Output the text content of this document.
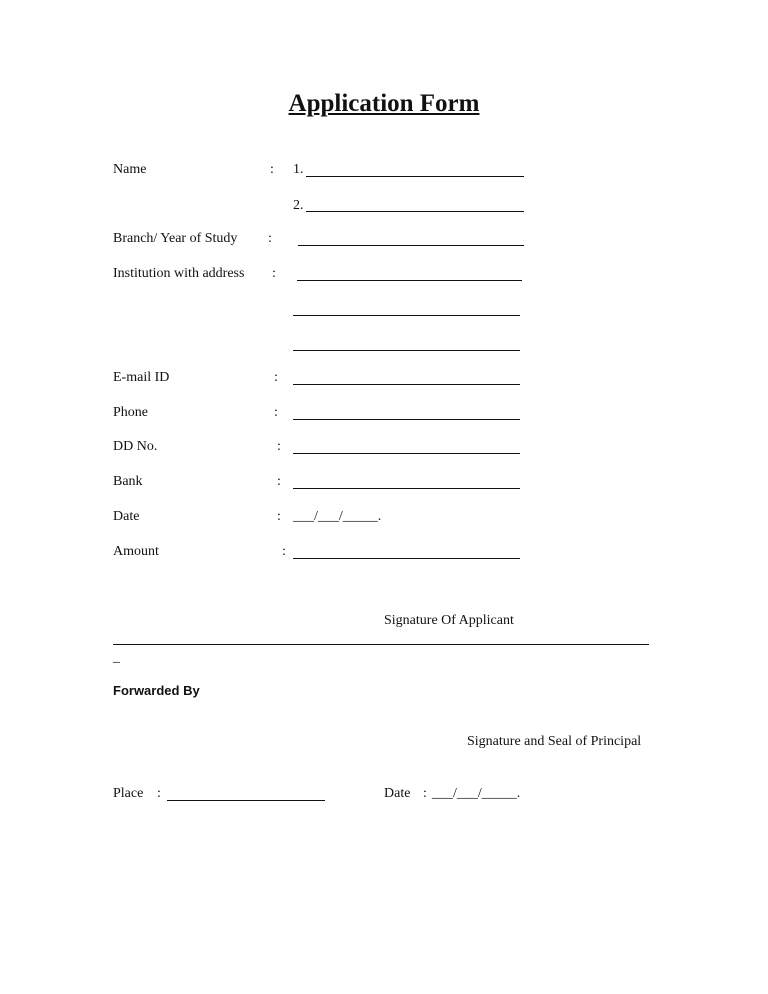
Application Form
Name	: 1.
2.
Branch/ Year of Study :
Institution with address :
E-mail ID	:
Phone	:
DD No.	:
Bank	:
Date	: ___/___/_____.
Amount	:
Signature Of Applicant
_
Forwarded By
Signature and Seal of Principal
Place :	Date : ___/___/_____.
